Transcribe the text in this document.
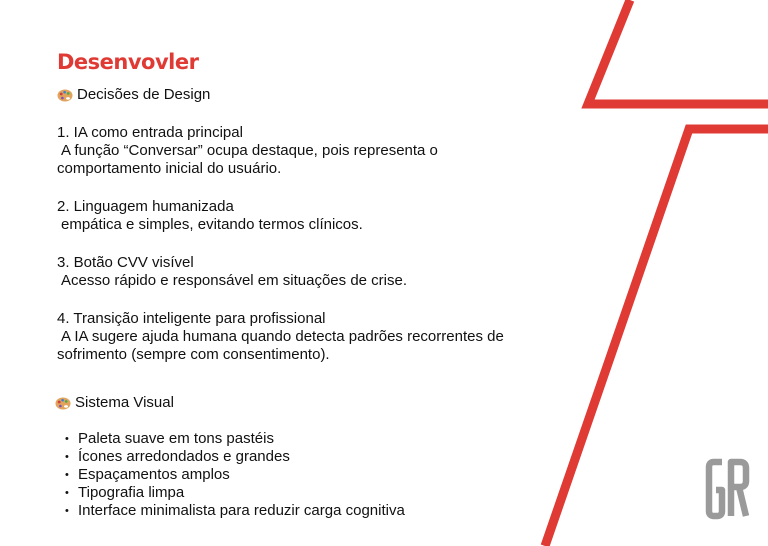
Desenvovler
Decisões de Design
1. IA como entrada principal
A função “Conversar” ocupa destaque, pois representa o
comportamento inicial do usuário.
2. Linguagem humanizada
empática e simples, evitando termos clínicos.
3. Botão CVV visível
Acesso rápido e responsável em situações de crise.
4. Transição inteligente para profissional
A IA sugere ajuda humana quando detecta padrões recorrentes de
sofrimento (sempre com consentimento).
Sistema Visual
• Paleta suave em tons pastéis
• Ícones arredondados e grandes
• Espaçamentos amplos
• Tipografia limpa
• Interface minimalista para reduzir carga cognitiva
